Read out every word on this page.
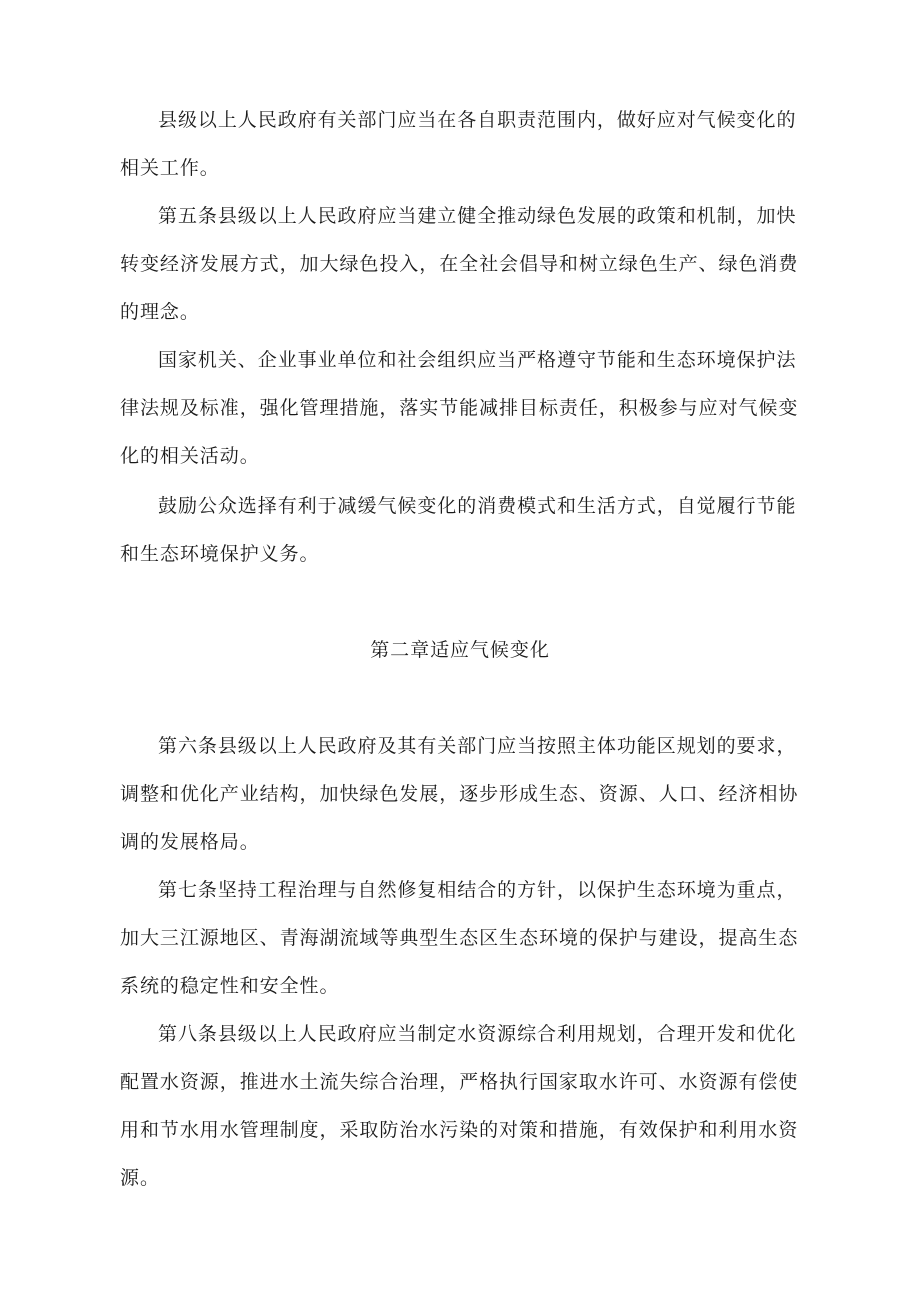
县级以上人民政府有关部门应当在各自职责范围内，做好应对气候变化的
相关工作。
第五条县级以上人民政府应当建立健全推动绿色发展的政策和机制，加快
转变经济发展方式，加大绿色投入，在全社会倡导和树立绿色生产、绿色消费
的理念。
国家机关、企业事业单位和社会组织应当严格遵守节能和生态环境保护法
律法规及标准，强化管理措施，落实节能减排目标责任，积极参与应对气候变
化的相关活动。
鼓励公众选择有利于减缓气候变化的消费模式和生活方式，自觉履行节能
和生态环境保护义务。
第二章适应气候变化
第六条县级以上人民政府及其有关部门应当按照主体功能区规划的要求，
调整和优化产业结构，加快绿色发展，逐步形成生态、资源、人口、经济相协
调的发展格局。
第七条坚持工程治理与自然修复相结合的方针，以保护生态环境为重点，
加大三江源地区、青海湖流域等典型生态区生态环境的保护与建设，提高生态
系统的稳定性和安全性。
第八条县级以上人民政府应当制定水资源综合利用规划，合理开发和优化
配置水资源，推进水土流失综合治理，严格执行国家取水许可、水资源有偿使
用和节水用水管理制度，采取防治水污染的对策和措施，有效保护和利用水资
源。
